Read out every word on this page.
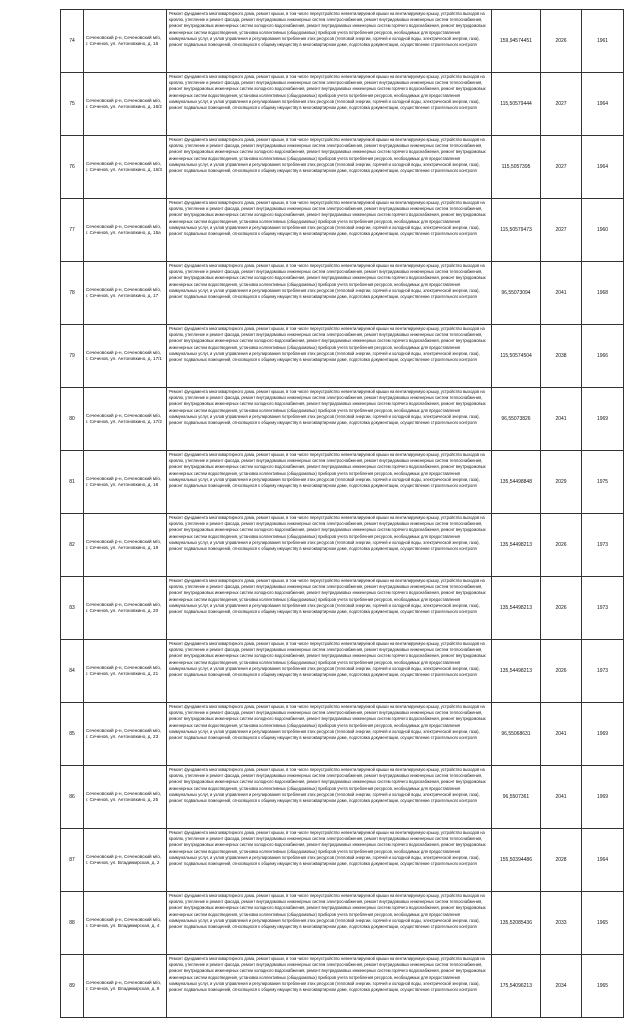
74	Сеченовский р-н, Сеченовский м/о, г. Сеченов, ул. Антоновкино, д. 16	Ремонт фундамента многоквартирного дома, ремонт крыши, в том числе переустройство невентилируемой крыши на вентилируемую крышу, устройство выходов на кровлю, утепление и ремонт фасада, ремонт внутридомовых инженерных систем электроснабжения, ремонт внутридомовых инженерных систем теплоснабжения, ремонт внутридомовых инженерных систем холодного водоснабжения, ремонт внутридомовых инженерных систем горячего водоснабжения, ремонт внутридомовых инженерных систем водоотведения, установка коллективных (общедомовых) приборов учета потребления ресурсов, необходимых для предоставления коммунальных услуг, и узлов управления и регулирования потребления этих ресурсов (тепловой энергии, горячей и холодной воды, электрической энергии, газа), ремонт подвальных помещений, относящихся к общему имуществу в многоквартирном доме, подготовка документации, осуществление строительного контроля	159,94574451	2026	1961
75	Сеченовский р-н, Сеченовский м/о, г. Сеченов, ул. Антоновкино, д. 16/2	Ремонт фундамента многоквартирного дома, ремонт крыши, в том числе переустройство невентилируемой крыши на вентилируемую крышу, устройство выходов на кровлю, утепление и ремонт фасада, ремонт внутридомовых инженерных систем электроснабжения, ремонт внутридомовых инженерных систем теплоснабжения, ремонт внутридомовых инженерных систем холодного водоснабжения, ремонт внутридомовых инженерных систем горячего водоснабжения, ремонт внутридомовых инженерных систем водоотведения, установка коллективных (общедомовых) приборов учета потребления ресурсов, необходимых для предоставления коммунальных услуг, и узлов управления и регулирования потребления этих ресурсов (тепловой энергии, горячей и холодной воды, электрической энергии, газа), ремонт подвальных помещений, относящихся к общему имуществу в многоквартирном доме, подготовка документации, осуществление строительного контроля	115,50579444	2027	1964
76	Сеченовский р-н, Сеченовский м/о, г. Сеченов, ул. Антоновкино, д. 16/3	Ремонт фундамента многоквартирного дома, ремонт крыши, в том числе переустройство невентилируемой крыши на вентилируемую крышу, устройство выходов на кровлю, утепление и ремонт фасада, ремонт внутридомовых инженерных систем электроснабжения, ремонт внутридомовых инженерных систем теплоснабжения, ремонт внутридомовых инженерных систем холодного водоснабжения, ремонт внутридомовых инженерных систем горячего водоснабжения, ремонт внутридомовых инженерных систем водоотведения, установка коллективных (общедомовых) приборов учета потребления ресурсов, необходимых для предоставления коммунальных услуг, и узлов управления и регулирования потребления этих ресурсов (тепловой энергии, горячей и холодной воды, электрической энергии, газа), ремонт подвальных помещений, относящихся к общему имуществу в многоквартирном доме, подготовка документации, осуществление строительного контроля	115,5057395	2027	1964
77	Сеченовский р-н, Сеченовский м/о, г. Сеченов, ул. Антоновкино, д. 15а	Ремонт фундамента многоквартирного дома, ремонт крыши, в том числе переустройство невентилируемой крыши на вентилируемую крышу, устройство выходов на кровлю, утепление и ремонт фасада, ремонт внутридомовых инженерных систем электроснабжения, ремонт внутридомовых инженерных систем теплоснабжения, ремонт внутридомовых инженерных систем холодного водоснабжения, ремонт внутридомовых инженерных систем горячего водоснабжения, ремонт внутридомовых инженерных систем водоотведения, установка коллективных (общедомовых) приборов учета потребления ресурсов, необходимых для предоставления коммунальных услуг, и узлов управления и регулирования потребления этих ресурсов (тепловой энергии, горячей и холодной воды, электрической энергии, газа), ремонт подвальных помещений, относящихся к общему имуществу в многоквартирном доме, подготовка документации, осуществление строительного контроля	115,50579473	2027	1960
78	Сеченовский р-н, Сеченовский м/о, г. Сеченов, ул. Антоновкино, д. 17	Ремонт фундамента многоквартирного дома, ремонт крыши, в том числе переустройство невентилируемой крыши на вентилируемую крышу, устройство выходов на кровлю, утепление и ремонт фасада, ремонт внутридомовых инженерных систем электроснабжения, ремонт внутридомовых инженерных систем теплоснабжения, ремонт внутридомовых инженерных систем холодного водоснабжения, ремонт внутридомовых инженерных систем горячего водоснабжения, ремонт внутридомовых инженерных систем водоотведения, установка коллективных (общедомовых) приборов учета потребления ресурсов, необходимых для предоставления коммунальных услуг, и узлов управления и регулирования потребления этих ресурсов (тепловой энергии, горячей и холодной воды, электрической энергии, газа), ремонт подвальных помещений, относящихся к общему имуществу в многоквартирном доме, подготовка документации, осуществление строительного контроля	96,55073094	2041	1968
79	Сеченовский р-н, Сеченовский м/о, г. Сеченов, ул. Антоновкино, д. 17/1	Ремонт фундамента многоквартирного дома, ремонт крыши, в том числе переустройство невентилируемой крыши на вентилируемую крышу, устройство выходов на кровлю, утепление и ремонт фасада, ремонт внутридомовых инженерных систем электроснабжения, ремонт внутридомовых инженерных систем теплоснабжения, ремонт внутридомовых инженерных систем холодного водоснабжения, ремонт внутридомовых инженерных систем горячего водоснабжения, ремонт внутридомовых инженерных систем водоотведения, установка коллективных (общедомовых) приборов учета потребления ресурсов, необходимых для предоставления коммунальных услуг, и узлов управления и регулирования потребления этих ресурсов (тепловой энергии, горячей и холодной воды, электрической энергии, газа), ремонт подвальных помещений, относящихся к общему имуществу в многоквартирном доме, подготовка документации, осуществление строительного контроля	115,50574504	2038	1966
80	Сеченовский р-н, Сеченовский м/о, г. Сеченов, ул. Антоновкино, д. 17/2	Ремонт фундамента многоквартирного дома, ремонт крыши, в том числе переустройство невентилируемой крыши на вентилируемую крышу, устройство выходов на кровлю, утепление и ремонт фасада, ремонт внутридомовых инженерных систем электроснабжения, ремонт внутридомовых инженерных систем теплоснабжения, ремонт внутридомовых инженерных систем холодного водоснабжения, ремонт внутридомовых инженерных систем горячего водоснабжения, ремонт внутридомовых инженерных систем водоотведения, установка коллективных (общедомовых) приборов учета потребления ресурсов, необходимых для предоставления коммунальных услуг, и узлов управления и регулирования потребления этих ресурсов (тепловой энергии, горячей и холодной воды, электрической энергии, газа), ремонт подвальных помещений, относящихся к общему имуществу в многоквартирном доме, подготовка документации, осуществление строительного контроля	96,55073826	2041	1969
81	Сеченовский р-н, Сеченовский м/о, г. Сеченов, ул. Антоновкино, д. 18	Ремонт фундамента многоквартирного дома, ремонт крыши, в том числе переустройство невентилируемой крыши на вентилируемую крышу, устройство выходов на кровлю, утепление и ремонт фасада, ремонт внутридомовых инженерных систем электроснабжения, ремонт внутридомовых инженерных систем теплоснабжения, ремонт внутридомовых инженерных систем холодного водоснабжения, ремонт внутридомовых инженерных систем горячего водоснабжения, ремонт внутридомовых инженерных систем водоотведения, установка коллективных (общедомовых) приборов учета потребления ресурсов, необходимых для предоставления коммунальных услуг, и узлов управления и регулирования потребления этих ресурсов (тепловой энергии, горячей и холодной воды, электрической энергии, газа), ремонт подвальных помещений, относящихся к общему имуществу в многоквартирном доме, подготовка документации, осуществление строительного контроля	135,54498848	2029	1975
82	Сеченовский р-н, Сеченовский м/о, г. Сеченов, ул. Антоновкино, д. 19	Ремонт фундамента многоквартирного дома, ремонт крыши, в том числе переустройство невентилируемой крыши на вентилируемую крышу, устройство выходов на кровлю, утепление и ремонт фасада, ремонт внутридомовых инженерных систем электроснабжения, ремонт внутридомовых инженерных систем теплоснабжения, ремонт внутридомовых инженерных систем холодного водоснабжения, ремонт внутридомовых инженерных систем горячего водоснабжения, ремонт внутридомовых инженерных систем водоотведения, установка коллективных (общедомовых) приборов учета потребления ресурсов, необходимых для предоставления коммунальных услуг, и узлов управления и регулирования потребления этих ресурсов (тепловой энергии, горячей и холодной воды, электрической энергии, газа), ремонт подвальных помещений, относящихся к общему имуществу в многоквартирном доме, подготовка документации, осуществление строительного контроля	135,54498213	2026	1973
83	Сеченовский р-н, Сеченовский м/о, г. Сеченов, ул. Антоновкино, д. 20	Ремонт фундамента многоквартирного дома, ремонт крыши, в том числе переустройство невентилируемой крыши на вентилируемую крышу, устройство выходов на кровлю, утепление и ремонт фасада, ремонт внутридомовых инженерных систем электроснабжения, ремонт внутридомовых инженерных систем теплоснабжения, ремонт внутридомовых инженерных систем холодного водоснабжения, ремонт внутридомовых инженерных систем горячего водоснабжения, ремонт внутридомовых инженерных систем водоотведения, установка коллективных (общедомовых) приборов учета потребления ресурсов, необходимых для предоставления коммунальных услуг, и узлов управления и регулирования потребления этих ресурсов (тепловой энергии, горячей и холодной воды, электрической энергии, газа), ремонт подвальных помещений, относящихся к общему имуществу в многоквартирном доме, подготовка документации, осуществление строительного контроля	135,54498213	2026	1973
84	Сеченовский р-н, Сеченовский м/о, г. Сеченов, ул. Антоновкино, д. 21	Ремонт фундамента многоквартирного дома, ремонт крыши, в том числе переустройство невентилируемой крыши на вентилируемую крышу, устройство выходов на кровлю, утепление и ремонт фасада, ремонт внутридомовых инженерных систем электроснабжения, ремонт внутридомовых инженерных систем теплоснабжения, ремонт внутридомовых инженерных систем холодного водоснабжения, ремонт внутридомовых инженерных систем горячего водоснабжения, ремонт внутридомовых инженерных систем водоотведения, установка коллективных (общедомовых) приборов учета потребления ресурсов, необходимых для предоставления коммунальных услуг, и узлов управления и регулирования потребления этих ресурсов (тепловой энергии, горячей и холодной воды, электрической энергии, газа), ремонт подвальных помещений, относящихся к общему имуществу в многоквартирном доме, подготовка документации, осуществление строительного контроля	135,54498213	2026	1973
85	Сеченовский р-н, Сеченовский м/о, г. Сеченов, ул. Антоновкино, д. 23	Ремонт фундамента многоквартирного дома, ремонт крыши, в том числе переустройство невентилируемой крыши на вентилируемую крышу, устройство выходов на кровлю, утепление и ремонт фасада, ремонт внутридомовых инженерных систем электроснабжения, ремонт внутридомовых инженерных систем теплоснабжения, ремонт внутридомовых инженерных систем холодного водоснабжения, ремонт внутридомовых инженерных систем горячего водоснабжения, ремонт внутридомовых инженерных систем водоотведения, установка коллективных (общедомовых) приборов учета потребления ресурсов, необходимых для предоставления коммунальных услуг, и узлов управления и регулирования потребления этих ресурсов (тепловой энергии, горячей и холодной воды, электрической энергии, газа), ремонт подвальных помещений, относящихся к общему имуществу в многоквартирном доме, подготовка документации, осуществление строительного контроля	96,55068631	2041	1969
86	Сеченовский р-н, Сеченовский м/о, г. Сеченов, ул. Антоновкино, д. 25	Ремонт фундамента многоквартирного дома, ремонт крыши, в том числе переустройство невентилируемой крыши на вентилируемую крышу, устройство выходов на кровлю, утепление и ремонт фасада, ремонт внутридомовых инженерных систем электроснабжения, ремонт внутридомовых инженерных систем теплоснабжения, ремонт внутридомовых инженерных систем холодного водоснабжения, ремонт внутридомовых инженерных систем горячего водоснабжения, ремонт внутридомовых инженерных систем водоотведения, установка коллективных (общедомовых) приборов учета потребления ресурсов, необходимых для предоставления коммунальных услуг, и узлов управления и регулирования потребления этих ресурсов (тепловой энергии, горячей и холодной воды, электрической энергии, газа), ремонт подвальных помещений, относящихся к общему имуществу в многоквартирном доме, подготовка документации, осуществление строительного контроля	96,5507361	2041	1969
87	Сеченовский р-н, Сеченовский м/о, г. Сеченов, ул. Владимирская, д. 2	Ремонт фундамента многоквартирного дома, ремонт крыши, в том числе переустройство невентилируемой крыши на вентилируемую крышу, устройство выходов на кровлю, утепление и ремонт фасада, ремонт внутридомовых инженерных систем электроснабжения, ремонт внутридомовых инженерных систем теплоснабжения, ремонт внутридомовых инженерных систем холодного водоснабжения, ремонт внутридомовых инженерных систем горячего водоснабжения, ремонт внутридомовых инженерных систем водоотведения, установка коллективных (общедомовых) приборов учета потребления ресурсов, необходимых для предоставления коммунальных услуг, и узлов управления и регулирования потребления этих ресурсов (тепловой энергии, горячей и холодной воды, электрической энергии, газа), ремонт подвальных помещений, относящихся к общему имуществу в многоквартирном доме, подготовка документации, осуществление строительного контроля	155,50394486	2028	1964
88	Сеченовский р-н, Сеченовский м/о, г. Сеченов, ул. Владимирская, д. 4	Ремонт фундамента многоквартирного дома, ремонт крыши, в том числе переустройство невентилируемой крыши на вентилируемую крышу, устройство выходов на кровлю, утепление и ремонт фасада, ремонт внутридомовых инженерных систем электроснабжения, ремонт внутридомовых инженерных систем теплоснабжения, ремонт внутридомовых инженерных систем холодного водоснабжения, ремонт внутридомовых инженерных систем горячего водоснабжения, ремонт внутридомовых инженерных систем водоотведения, установка коллективных (общедомовых) приборов учета потребления ресурсов, необходимых для предоставления коммунальных услуг, и узлов управления и регулирования потребления этих ресурсов (тепловой энергии, горячей и холодной воды, электрической энергии, газа), ремонт подвальных помещений, относящихся к общему имуществу в многоквартирном доме, подготовка документации, осуществление строительного контроля	135,52085436	2033	1965
89	Сеченовский р-н, Сеченовский м/о, г. Сеченов, ул. Владимирская, д. 6	Ремонт фундамента многоквартирного дома, ремонт крыши, в том числе переустройство невентилируемой крыши на вентилируемую крышу, устройство выходов на кровлю, утепление и ремонт фасада, ремонт внутридомовых инженерных систем электроснабжения, ремонт внутридомовых инженерных систем теплоснабжения, ремонт внутридомовых инженерных систем холодного водоснабжения, ремонт внутридомовых инженерных систем горячего водоснабжения, ремонт внутридомовых инженерных систем водоотведения, установка коллективных (общедомовых) приборов учета потребления ресурсов, необходимых для предоставления коммунальных услуг, и узлов управления и регулирования потребления этих ресурсов (тепловой энергии, горячей и холодной воды, электрической энергии, газа), ремонт подвальных помещений, относящихся к общему имуществу в многоквартирном доме, подготовка документации, осуществление строительного контроля	175,54096213	2034	1965
